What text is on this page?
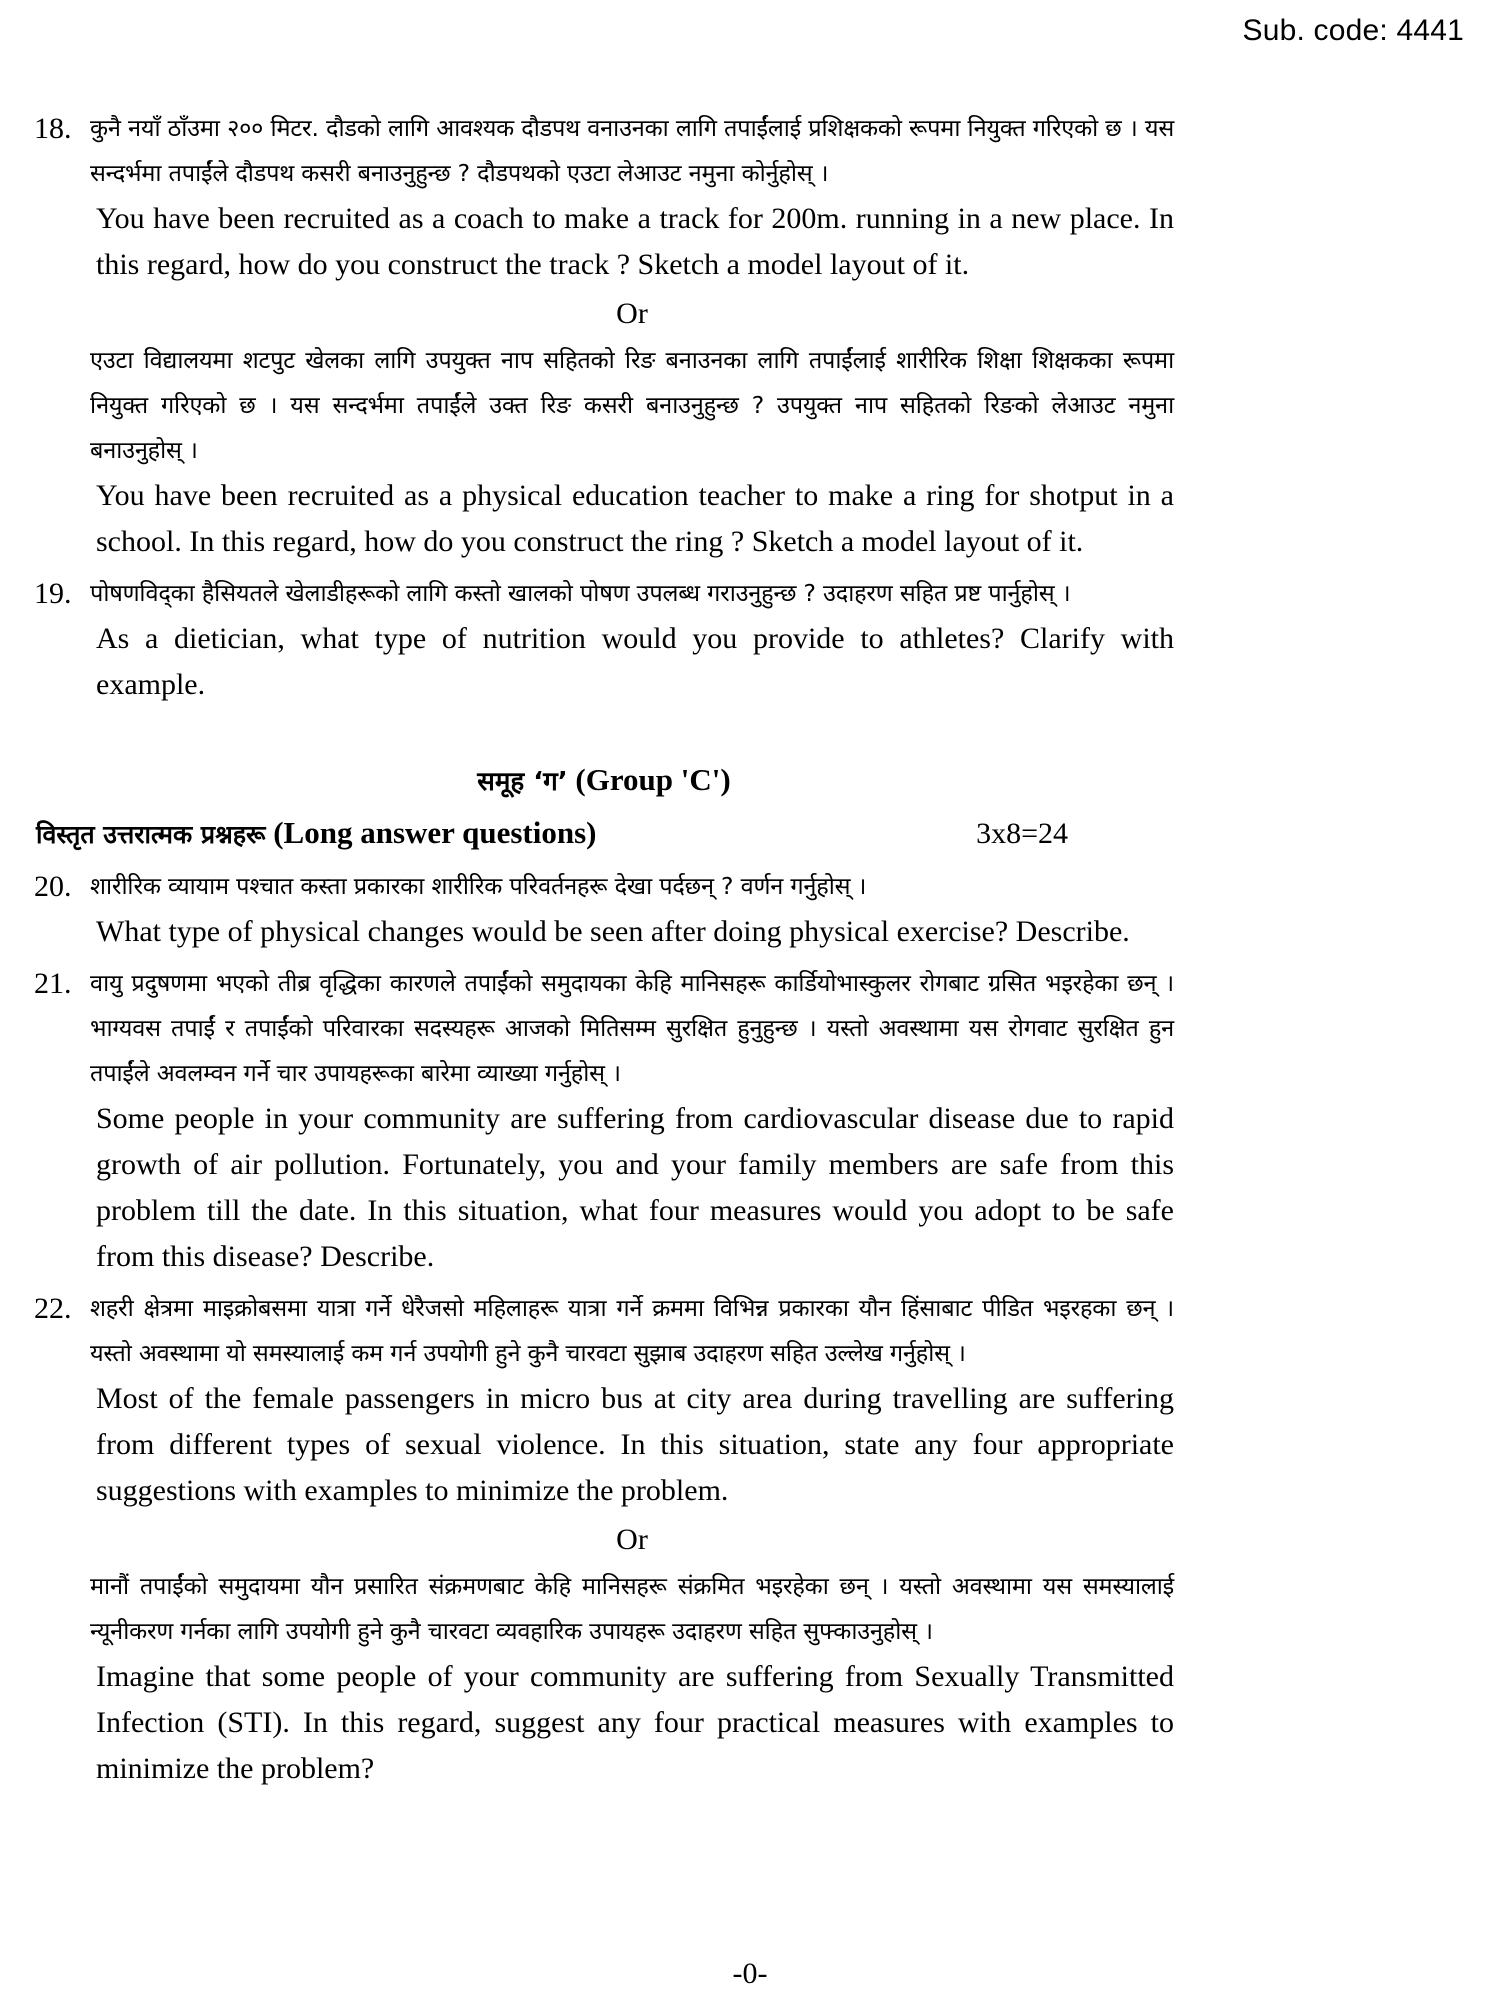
Sub. code: 4441
18. कुनै नयाँ ठाँउमा २०० मिटर. दौडको लागि आवश्यक दौडपथ वनाउनका लागि तपाईंलाई प्रशिक्षकको रूपमा नियुक्त गरिएको छ । यस सन्दर्भमा तपाईंले दौडपथ कसरी बनाउनुहुन्छ ? दौडपथको एउटा लेआउट नमुना कोर्नुहोस् ।

You have been recruited as a coach to make a track for 200m. running in a new place. In this regard, how do you construct the track ? Sketch a model layout of it.

Or

एउटा विद्यालयमा शटपुट खेलका लागि उपयुक्त नाप सहितको रिङ बनाउनका लागि तपाईंलाई शारीरिक शिक्षा शिक्षकका रूपमा नियुक्त गरिएको छ । यस सन्दर्भमा तपाईंले उक्त रिङ कसरी बनाउनुहुन्छ ? उपयुक्त नाप सहितको रिङको लेआउट नमुना बनाउनुहोस् ।

You have been recruited as a physical education teacher to make a ring for shotput in a school. In this regard, how do you construct the ring ? Sketch a model layout of it.

19. पोषणविद्का हैसियतले खेलाडीहरूको लागि कस्तो खालको पोषण उपलब्ध गराउनुहुन्छ ? उदाहरण सहित प्रष्ट पार्नुहोस् ।

As a dietician, what type of nutrition would you provide to athletes? Clarify with example.

समूह ‘ग’ (Group 'C')
विस्तृत उत्तरात्मक प्रश्नहरू (Long answer questions)	3x8=24
20. शारीरिक व्यायाम पश्चात कस्ता प्रकारका शारीरिक परिवर्तनहरू देखा पर्दछन् ? वर्णन गर्नुहोस् ।

What type of physical changes would be seen after doing physical exercise? Describe.

21. वायु प्रदुषणमा भएको तीब्र वृद्धिका कारणले तपाईंको समुदायका केहि मानिसहरू कार्डियोभास्कुलर रोगबाट ग्रसित भइरहेका छन् । भाग्यवस तपाईं र तपाईंको परिवारका सदस्यहरू आजको मितिसम्म सुरक्षित हुनुहुन्छ । यस्तो अवस्थामा यस रोगवाट सुरक्षित हुन तपाईंले अवलम्वन गर्ने चार उपायहरूका बारेमा व्याख्या गर्नुहोस् ।

Some people in your community are suffering from cardiovascular disease due to rapid growth of air pollution. Fortunately, you and your family members are safe from this problem till the date. In this situation, what four measures would you adopt to be safe from this disease? Describe.

22. शहरी क्षेत्रमा माइक्रोबसमा यात्रा गर्ने धेरैजसो महिलाहरू यात्रा गर्ने क्रममा विभिन्न प्रकारका यौन हिंसाबाट पीडित भइरहका छन् । यस्तो अवस्थामा यो समस्यालाई कम गर्न उपयोगी हुने कुनै चारवटा सुझाब उदाहरण सहित उल्लेख गर्नुहोस् ।

Most of the female passengers in micro bus at city area during travelling are suffering from different types of sexual violence. In this situation, state any four appropriate suggestions with examples to minimize the problem.

Or

मानौं तपाईंको समुदायमा यौन प्रसारित संक्रमणबाट केहि मानिसहरू संक्रमित भइरहेका छन् । यस्तो अवस्थामा यस समस्यालाई न्यूनीकरण गर्नका लागि उपयोगी हुने कुनै चारवटा व्यवहारिक उपायहरू उदाहरण सहित सुफ्काउनुहोस् ।

Imagine that some people of your community are suffering from Sexually Transmitted Infection (STI). In this regard, suggest any four practical measures with examples to minimize the problem?

-0-
